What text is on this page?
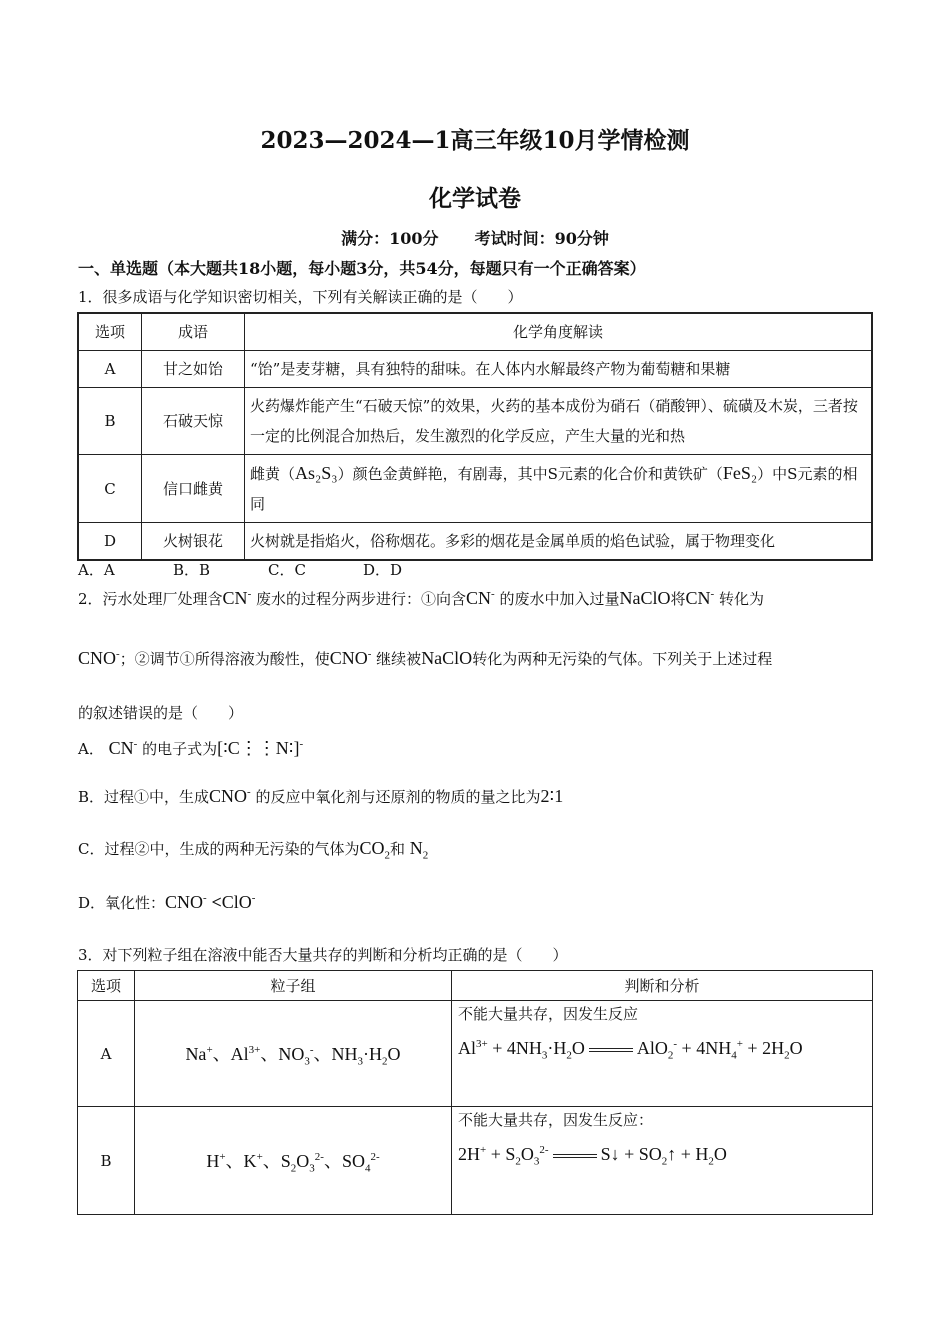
2023—2024—1高三年级10月学情检测
化学试卷
满分：100分 考试时间：90分钟
一、单选题（本大题共18小题，每小题3分，共54分，每题只有一个正确答案）
1．很多成语与化学知识密切相关，下列有关解读正确的是（　　）
选项	成语	化学角度解读
A	甘之如饴	“饴”是麦芽糖，具有独特的甜味。在人体内水解最终产物为葡萄糖和果糖
B	石破天惊	火药爆炸能产生“石破天惊”的效果，火药的基本成份为硝石（硝酸钾）、硫磺及木炭，三者按一定的比例混合加热后，发生激烈的化学反应，产生大量的光和热
C	信口雌黄	雌黄（As₂S₃）颜色金黄鲜艳，有剧毒，其中S元素的化合价和黄铁矿（FeS₂）中S元素的相同
D	火树银花	火树就是指焰火，俗称烟花。多彩的烟花是金属单质的焰色试验，属于物理变化
A．A	B．B	C．C	D．D
2．污水处理厂处理含CN- 废水的过程分两步进行：①向含CN- 的废水中加入过量NaClO将CN- 转化为
CNO-；②调节①所得溶液为酸性，使CNO- 继续被NaClO转化为两种无污染的气体。下列关于上述过程
的叙述错误的是（　　）
A． CN- 的电子式为[∶C⋮⋮N∶]-
B．过程①中，生成CNO- 的反应中氧化剂与还原剂的物质的量之比为2∶1
C．过程②中，生成的两种无污染的气体为$CO_2$和 $N_2$
D．氧化性：CNO- <ClO-
3．对下列粒子组在溶液中能否大量共存的判断和分析均正确的是（　　）
选项	粒子组	判断和分析
A	Na+、$Al^{3+}$、$NO_3^-$、$NH_3\cdot H_2O$	不能大量共存，因发生反应
$Al^{3+} + 4NH_3\cdot H_2O$ $AlO_2^- + 4NH_4^+ + 2H_2O$

B	H+、K+、$S_2O_3^{2-}$、$SO_4^{2-}$	不能大量共存，因发生反应：
$2H^+ + S_2O_3^{2-}$ S↓ + $SO_2↑ + H_2O$
